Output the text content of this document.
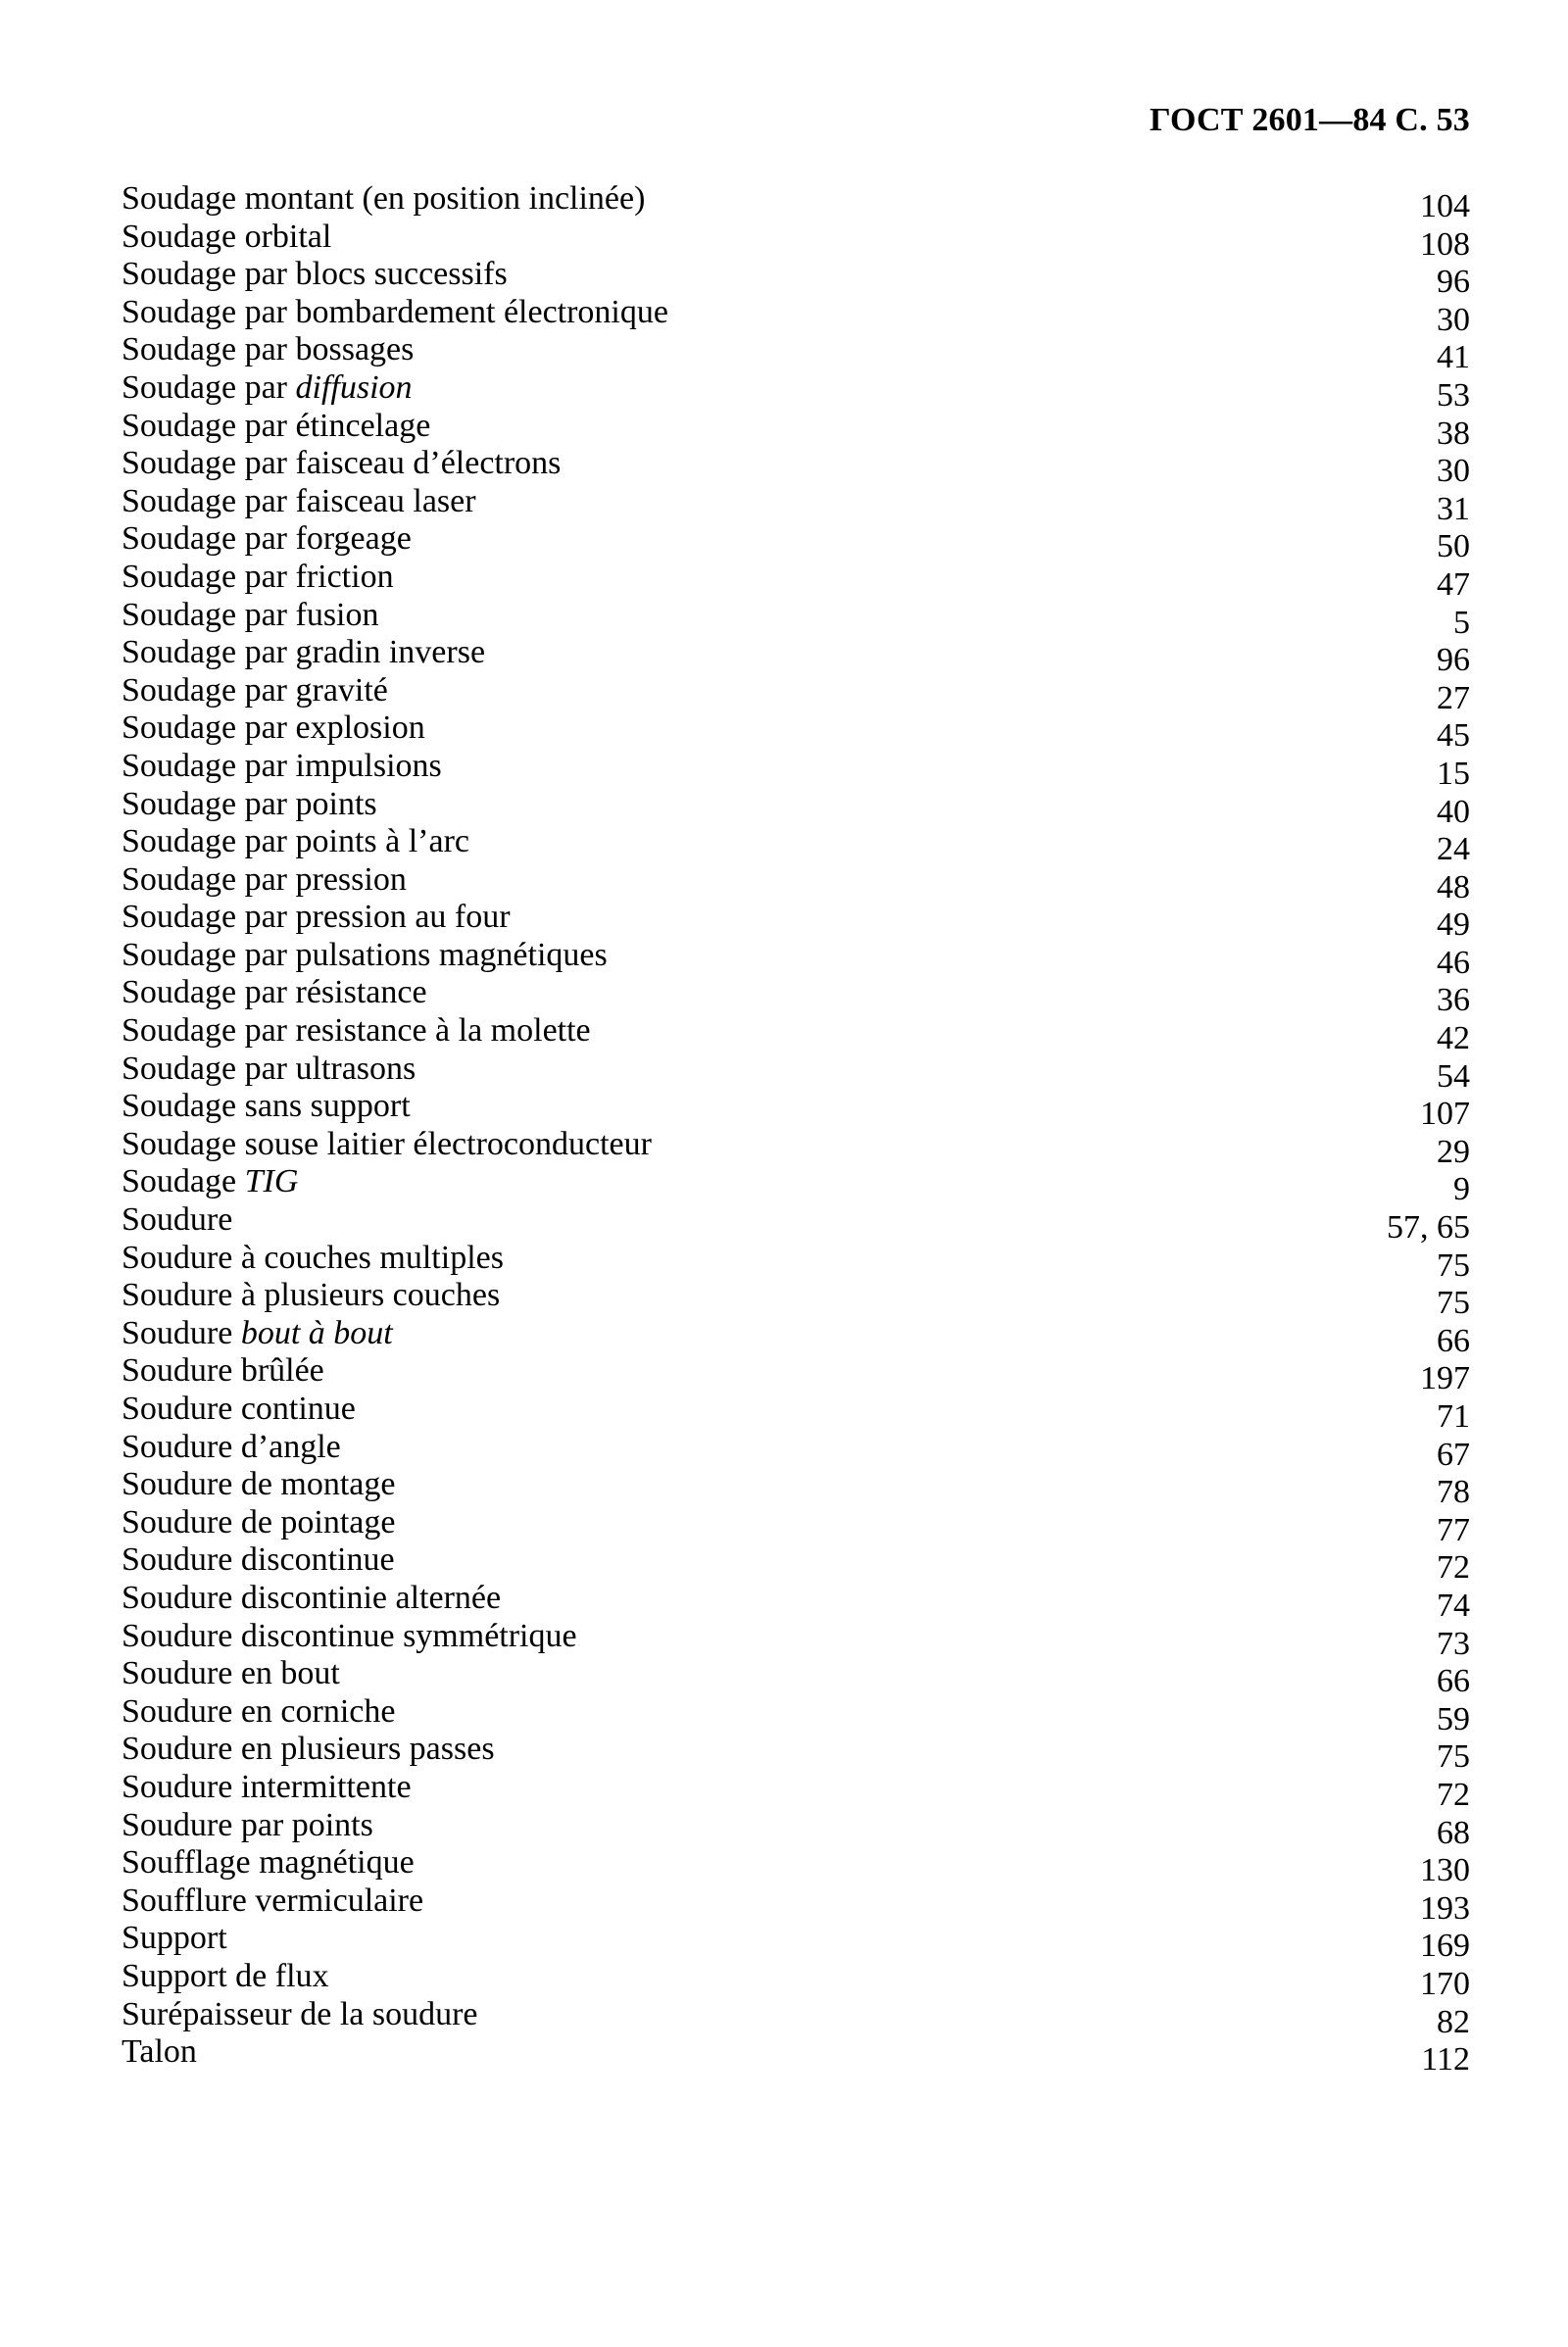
ГОСТ 2601—84 С. 53
Soudage montant (en position inclinée)	104
Soudage orbital	108
Soudage par blocs successifs	96
Soudage par bombardement électronique	30
Soudage par bossages	41
Soudage par diffusion	53
Soudage par étincelage	38
Soudage par faisceau d’électrons	30
Soudage par faisceau laser	31
Soudage par forgeage	50
Soudage par friction	47
Soudage par fusion	5
Soudage par gradin inverse	96
Soudage par gravité	27
Soudage par explosion	45
Soudage par impulsions	15
Soudage par points	40
Soudage par points à l’arc	24
Soudage par pression	48
Soudage par pression au four	49
Soudage par pulsations magnétiques	46
Soudage par résistance	36
Soudage par resistance à la molette	42
Soudage par ultrasons	54
Soudage sans support	107
Soudage souse laitier électroconducteur	29
Soudage TIG	9
Soudure	57, 65
Soudure à couches multiples	75
Soudure à plusieurs couches	75
Soudure bout à bout	66
Soudure brûlée	197
Soudure continue	71
Soudure d’angle	67
Soudure de montage	78
Soudure de pointage	77
Soudure discontinue	72
Soudure discontinie alternée	74
Soudure discontinue symmétrique	73
Soudure en bout	66
Soudure en corniche	59
Soudure en plusieurs passes	75
Soudure intermittente	72
Soudure par points	68
Soufflage magnétique	130
Soufflure vermiculaire	193
Support	169
Support de flux	170
Surépaisseur de la soudure	82
Talon	112
